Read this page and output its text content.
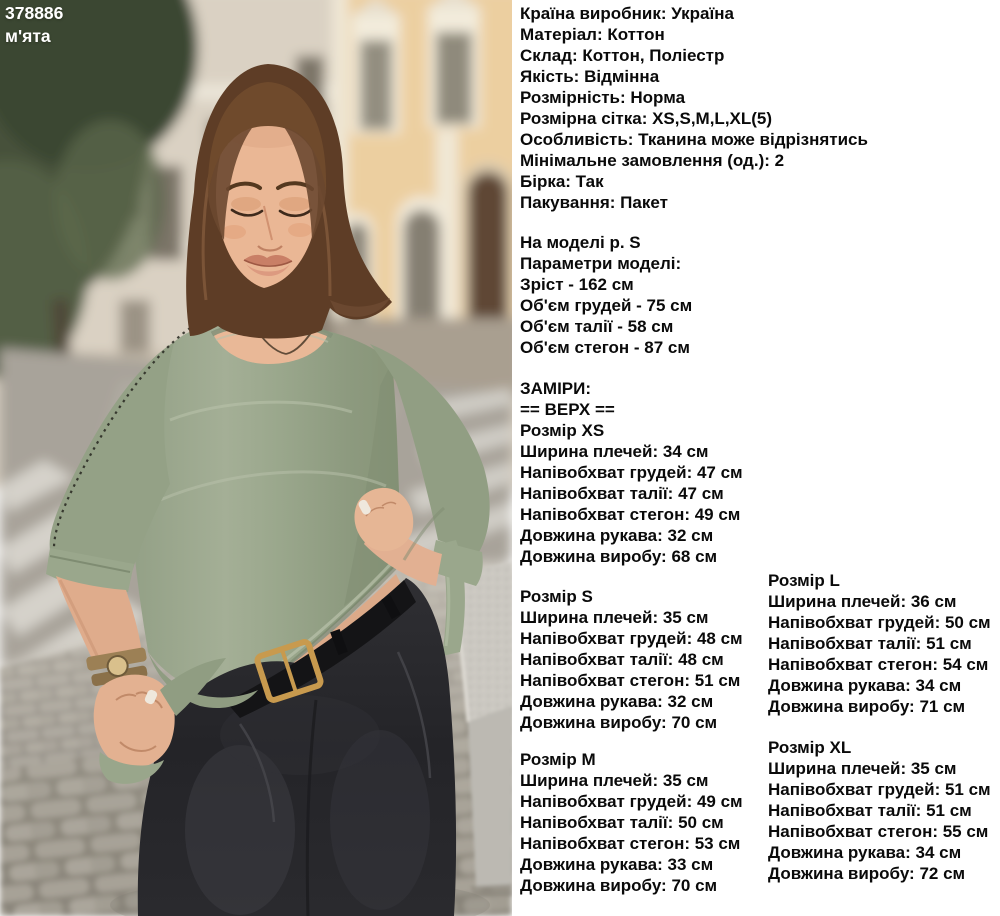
378886
м'ята
Країна виробник: Україна
Матеріал: Коттон
Склад: Коттон, Поліестр
Якість: Відмінна
Розмірність: Норма
Розмірна сітка: XS,S,M,L,XL(5)
Особливість: Тканина може відрізнятись
Мінімальне замовлення (од.): 2
Бірка: Так
Пакування: Пакет
На моделі р. S
Параметри моделі:
Зріст - 162 см
Об'єм грудей - 75 см
Об'єм талії - 58 см
Об'єм стегон - 87 см
ЗАМІРИ:
== ВЕРХ ==
Розмір XS
Ширина плечей: 34 см
Напівобхват грудей: 47 см
Напівобхват талії: 47 см
Напівобхват стегон: 49 см
Довжина рукава: 32 см
Довжина виробу: 68 см
Розмір S
Ширина плечей: 35 см
Напівобхват грудей: 48 см
Напівобхват талії: 48 см
Напівобхват стегон: 51 см
Довжина рукава: 32 см
Довжина виробу: 70 см
Розмір M
Ширина плечей: 35 см
Напівобхват грудей: 49 см
Напівобхват талії: 50 см
Напівобхват стегон: 53 см
Довжина рукава: 33 см
Довжина виробу: 70 см
Розмір L
Ширина плечей: 36 см
Напівобхват грудей: 50 см
Напівобхват талії: 51 см
Напівобхват стегон: 54 см
Довжина рукава: 34 см
Довжина виробу: 71 см
Розмір XL
Ширина плечей: 35 см
Напівобхват грудей: 51 см
Напівобхват талії: 51 см
Напівобхват стегон: 55 см
Довжина рукава: 34 см
Довжина виробу: 72 см
